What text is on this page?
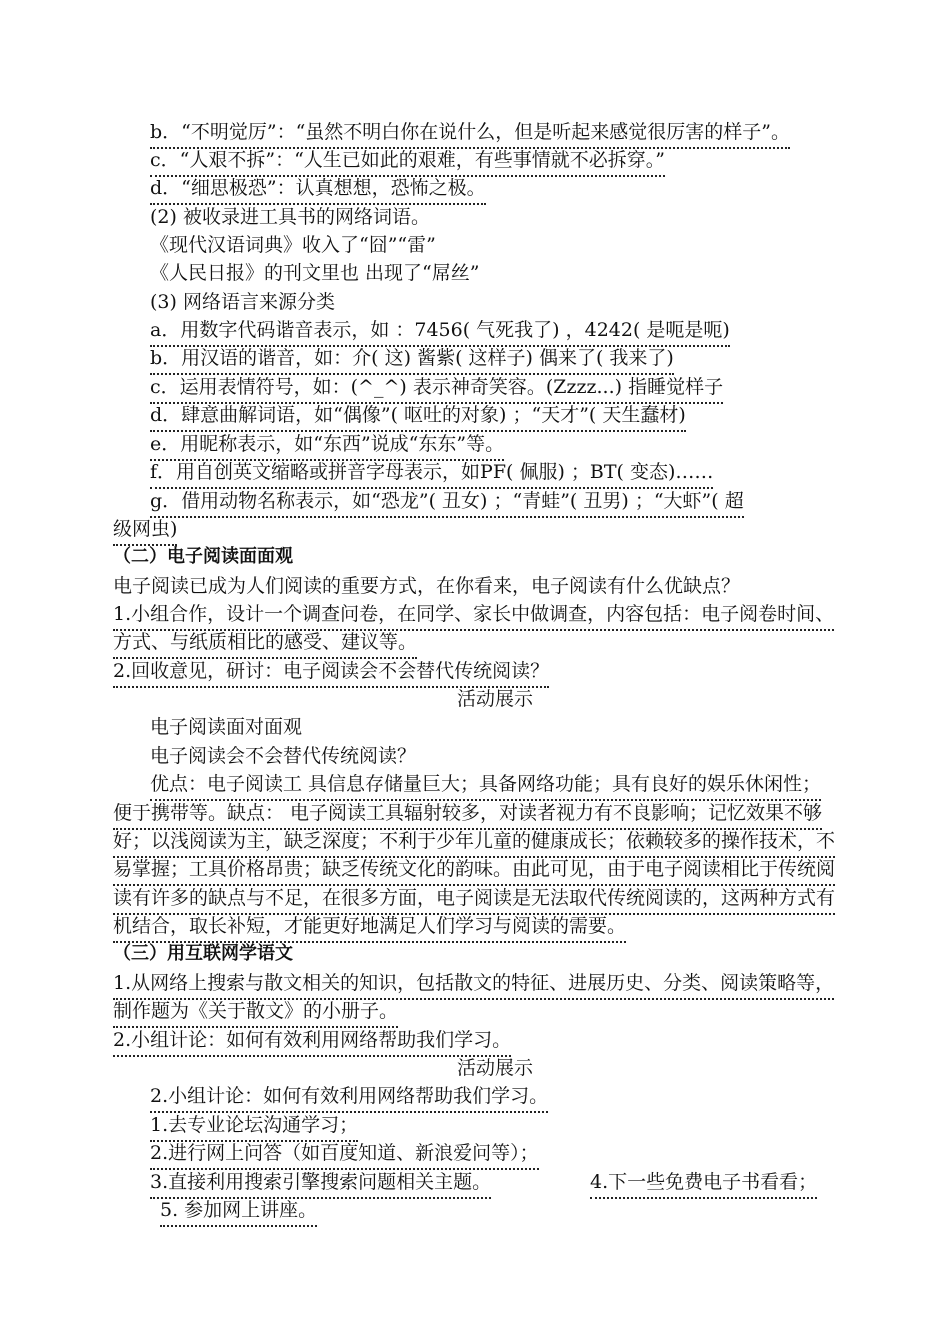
b．“不明觉厉”：“虽然不明白你在说什么，但是听起来感觉很厉害的样子”。
c．“人艰不拆”：“人生已如此的艰难，有些事情就不必拆穿。”
d．“细思极恐”：认真想想，恐怖之极。
(2) 被收录进工具书的网络词语。
《现代汉语词典》收入了“囧”“雷”
《人民日报》的刊文里也 出现了“屌丝”
(3) 网络语言来源分类
a．用数字代码谐音表示，如 ：7456( 气死我了) ，4242( 是呃是呃)
b．用汉语的谐音，如：介( 这) 酱紫( 这样子) 偶来了( 我来了)
c．运用表情符号，如：(^_^) 表示神奇笑容。(Zzzz...) 指睡觉样子
d．肆意曲解词语，如“偶像”( 呕吐的对象) ；“天才”( 天生蠢材)
e．用昵称表示，如“东西”说成“东东”等。
f．用自创英文缩略或拼音字母表示，如PF( 佩服) ；BT( 变态)……
g．借用动物名称表示，如“恐龙”( 丑女) ；“青蛙”( 丑男) ；“大虾”( 超
级网虫)
（二）电子阅读面面观
电子阅读已成为人们阅读的重要方式，在你看来，电子阅读有什么优缺点？
1.小组合作，设计一个调查问卷，在同学、家长中做调查，内容包括：电子阅卷时间、
方式、与纸质相比的感受、建议等。
2.回收意见，研讨：电子阅读会不会替代传统阅读？
活动展示
电子阅读面对面观
电子阅读会不会替代传统阅读？
优点：电子阅读工 具信息存储量巨大；具备网络功能；具有良好的娱乐休闲性；
便于携带等。缺点： 电子阅读工具辐射较多，对读者视力有不良影响；记忆效果不够
好；以浅阅读为主，缺乏深度；不利于少年儿童的健康成长；依赖较多的操作技术，不
易掌握；工具价格昂贵；缺乏传统文化的韵味。由此可见，由于电子阅读相比于传统阅
读有许多的缺点与不足，在很多方面，电子阅读是无法取代传统阅读的，这两种方式有
机结合，取长补短，才能更好地满足人们学习与阅读的需要。
（三）用互联网学语文
1.从网络上搜索与散文相关的知识，包括散文的特征、进展历史、分类、阅读策略等，
制作题为《关于散文》的小册子。
2.小组计论：如何有效利用网络帮助我们学习。
活动展示
2.小组计论：如何有效利用网络帮助我们学习。
1.去专业论坛沟通学习；
2.进行网上问答（如百度知道、新浪爱问等）；
3.直接利用搜索引擎搜索问题相关主题。	4.下一些免费电子书看看；
5. 参加网上讲座。
